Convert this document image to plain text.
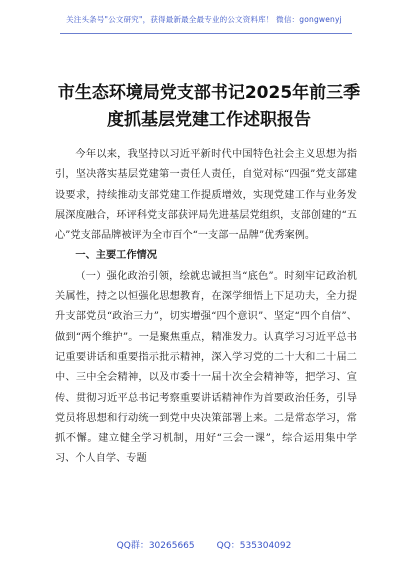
关注头条号"公文研究"，获得最新最全最专业的公文资料库！ 微信：gongwenyj
市生态环境局党支部书记2025年前三季度抓基层党建工作述职报告

今年以来，我坚持以习近平新时代中国特色社会主义思想为指引，坚决落实基层党建第一责任人责任，自觉对标“四强”党支部建设要求，持续推动支部党建工作提质增效，实现党建工作与业务发展深度融合，环评科党支部获评局先进基层党组织，支部创建的“五心”党支部品牌被评为全市百个“一支部一品牌”优秀案例。

一、主要工作情况

（一）强化政治引领，绘就忠诚担当“底色”。时刻牢记政治机关属性，持之以恒强化思想教育，在深学细悟上下足功夫，全力提升支部党员“政治三力”，切实增强“四个意识”、坚定“四个自信”、做到“两个维护”。一是聚焦重点，精准发力。认真学习习近平总书记重要讲话和重要指示批示精神，深入学习党的二十大和二十届二中、三中全会精神，以及市委十一届十次全会精神等，把学习、宣传、贯彻习近平总书记考察重要讲话精神作为首要政治任务，引导党员将思想和行动统一到党中央决策部署上来。二是常态学习，常抓不懈。建立健全学习机制，用好“三会一课”，综合运用集中学习、个人自学、专题

QQ群：30265665 QQ：535304092
